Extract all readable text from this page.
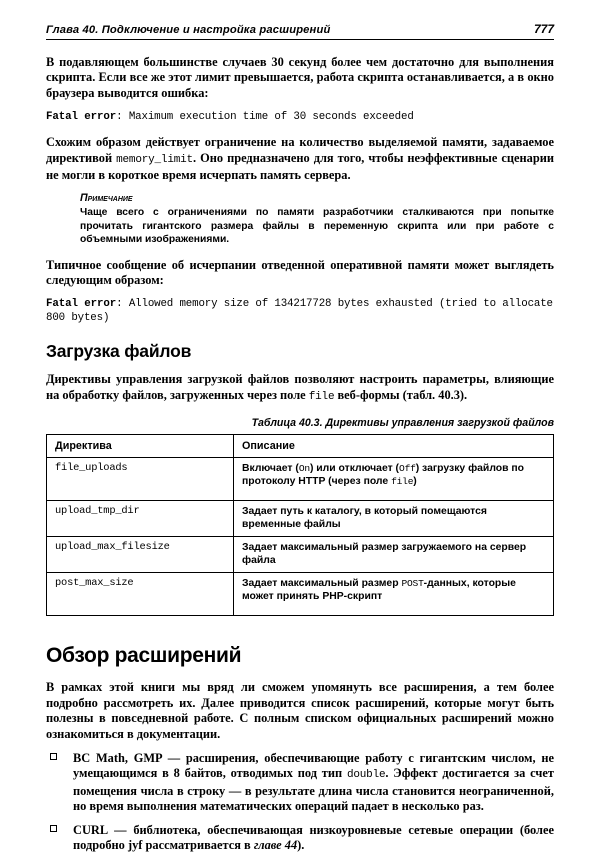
Глава 40. Подключение и настройка расширений	777

В подавляющем большинстве случаев 30 секунд более чем достаточно для выполнения скрипта. Если все же этот лимит превышается, работа скрипта останавливается, а в окно браузера выводится ошибка:

Fatal error: Maximum execution time of 30 seconds exceeded

Схожим образом действует ограничение на количество выделяемой памяти, задаваемое директивой memory_limit. Оно предназначено для того, чтобы неэффективные сценарии не могли в короткое время исчерпать память сервера.

Примечание
Чаще всего с ограничениями по памяти разработчики сталкиваются при попытке прочитать гигантского размера файлы в переменную скрипта или при работе с объемными изображениями.

Типичное сообщение об исчерпании отведенной оперативной памяти может выглядеть следующим образом:

Fatal error: Allowed memory size of 134217728 bytes exhausted (tried to allocate 800 bytes)
Загрузка файлов

Директивы управления загрузкой файлов позволяют настроить параметры, влияющие на обработку файлов, загруженных через поле file веб-формы (табл. 40.3).

Таблица 40.3. Директивы управления загрузкой файлов
Директива	Описание
file_uploads	Включает (On) или отключает (Off) загрузку файлов по протоколу HTTP (через поле file)
upload_tmp_dir	Задает путь к каталогу, в который помещаются временные файлы
upload_max_filesize	Задает максимальный размер загружаемого на сервер файла
post_max_size	Задает максимальный размер POST-данных, которые может принять PHP-скрипт
Обзор расширений

В рамках этой книги мы вряд ли сможем упомянуть все расширения, а тем более подробно рассмотреть их. Далее приводится список расширений, которые могут быть полезны в повседневной работе. С полным списком официальных расширений можно ознакомиться в документации.

BC Math, GMP — расширения, обеспечивающие работу с гигантским числом, не умещающимся в 8 байтов, отводимых под тип double. Эффект достигается за счет помещения числа в строку — в результате длина числа становится неограниченной, но время выполнения математических операций падает в несколько раз.
CURL — библиотека, обеспечивающая низкоуровневые сетевые операции (более подробно jyf рассматривается в главе 44).
